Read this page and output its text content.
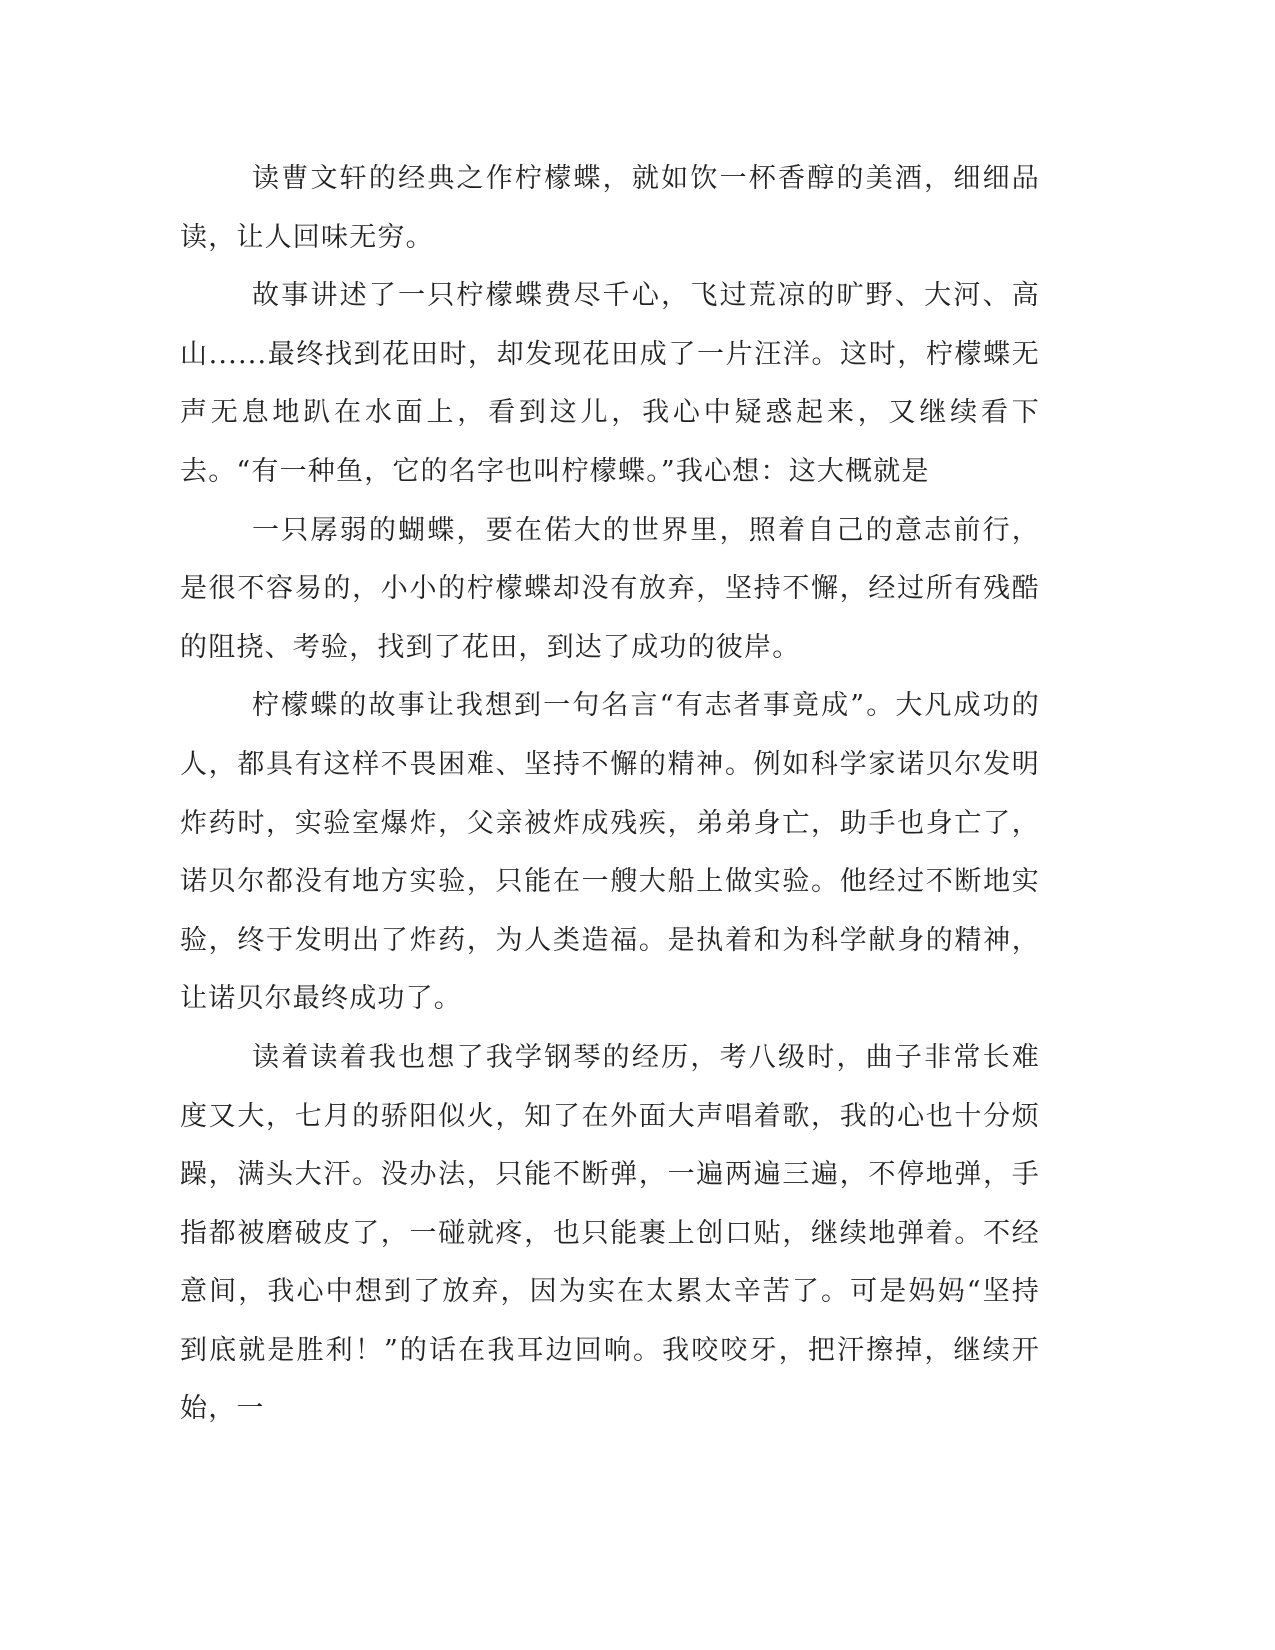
读曹文轩的经典之作柠檬蝶，就如饮一杯香醇的美酒，细细品读，让人回味无穷。

故事讲述了一只柠檬蝶费尽千心，飞过荒凉的旷野、大河、高山......最终找到花田时，却发现花田成了一片汪洋。这时，柠檬蝶无声无息地趴在水面上，看到这儿，我心中疑惑起来，又继续看下去。“有一种鱼，它的名字也叫柠檬蝶。”我心想：这大概就是

一只孱弱的蝴蝶，要在偌大的世界里，照着自己的意志前行，是很不容易的，小小的柠檬蝶却没有放弃，坚持不懈，经过所有残酷的阻挠、考验，找到了花田，到达了成功的彼岸。

柠檬蝶的故事让我想到一句名言“有志者事竟成”。大凡成功的人，都具有这样不畏困难、坚持不懈的精神。例如科学家诺贝尔发明炸药时，实验室爆炸，父亲被炸成残疾，弟弟身亡，助手也身亡了，诺贝尔都没有地方实验，只能在一艘大船上做实验。他经过不断地实验，终于发明出了炸药，为人类造福。是执着和为科学献身的精神，让诺贝尔最终成功了。

读着读着我也想了我学钢琴的经历，考八级时，曲子非常长难度又大，七月的骄阳似火，知了在外面大声唱着歌，我的心也十分烦躁，满头大汗。没办法，只能不断弹，一遍两遍三遍，不停地弹，手指都被磨破皮了，一碰就疼，也只能裹上创口贴，继续地弹着。不经意间，我心中想到了放弃，因为实在太累太辛苦了。可是妈妈“坚持到底就是胜利！”的话在我耳边回响。我咬咬牙，把汗擦掉，继续开始，一
